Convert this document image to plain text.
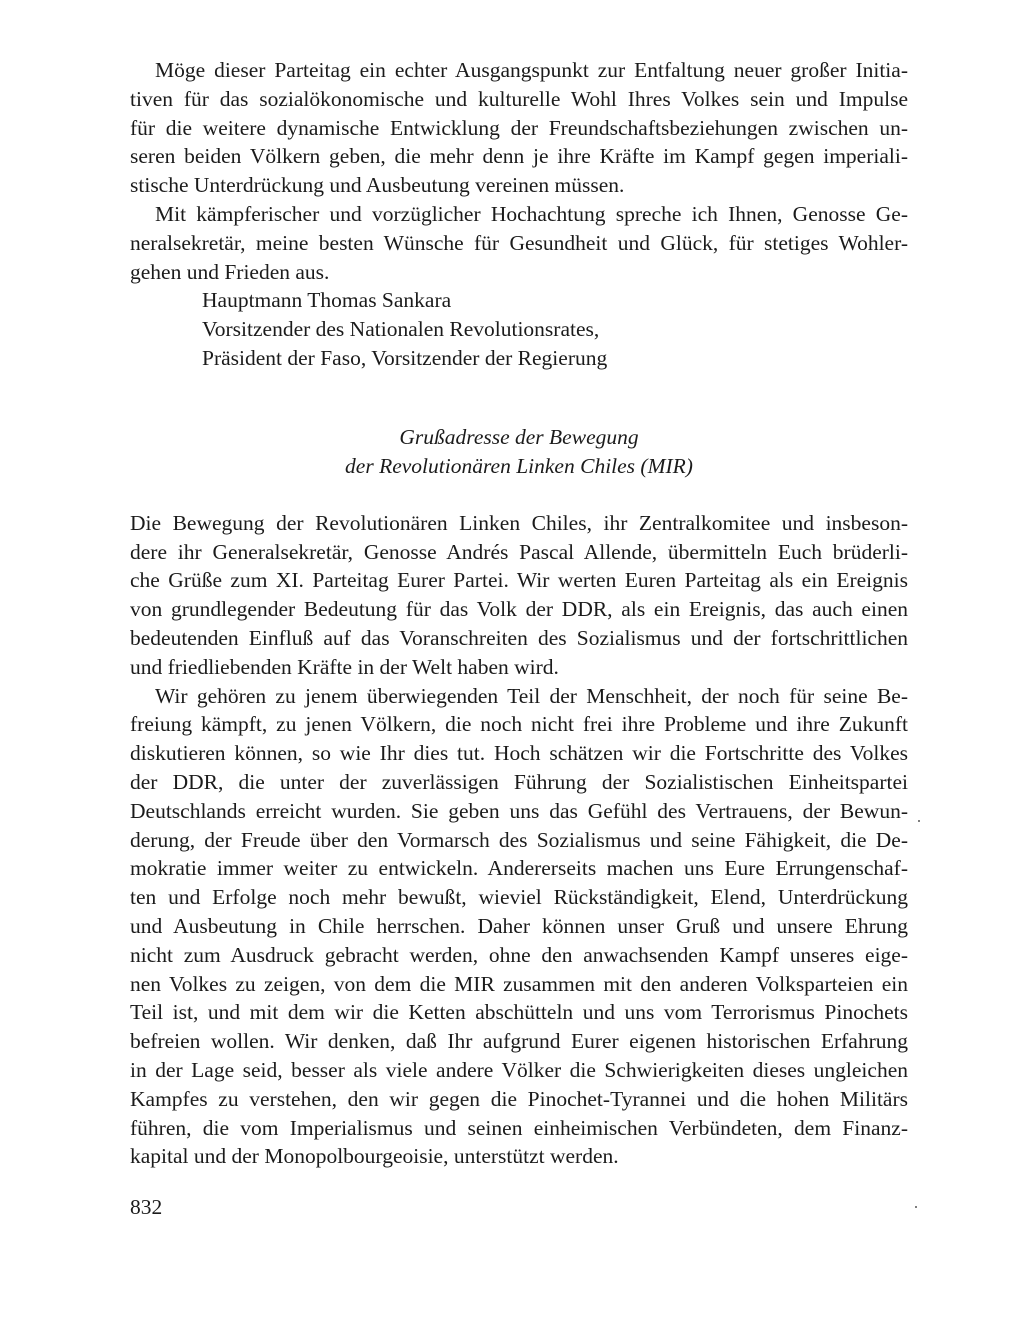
Möge dieser Parteitag ein echter Ausgangspunkt zur Entfaltung neuer großer Initia-
tiven für das sozialökonomische und kulturelle Wohl Ihres Volkes sein und Impulse
für die weitere dynamische Entwicklung der Freundschaftsbeziehungen zwischen un-
seren beiden Völkern geben, die mehr denn je ihre Kräfte im Kampf gegen imperiali-
stische Unterdrückung und Ausbeutung vereinen müssen.
Mit kämpferischer und vorzüglicher Hochachtung spreche ich Ihnen, Genosse Ge-
neralsekretär, meine besten Wünsche für Gesundheit und Glück, für stetiges Wohler-
gehen und Frieden aus.
Hauptmann Thomas Sankara
Vorsitzender des Nationalen Revolutionsrates,
Präsident der Faso, Vorsitzender der Regierung
Grußadresse der Bewegung
der Revolutionären Linken Chiles (MIR)
Die Bewegung der Revolutionären Linken Chiles, ihr Zentralkomitee und insbeson-
dere ihr Generalsekretär, Genosse Andrés Pascal Allende, übermitteln Euch brüderli-
che Grüße zum XI. Parteitag Eurer Partei. Wir werten Euren Parteitag als ein Ereignis
von grundlegender Bedeutung für das Volk der DDR, als ein Ereignis, das auch einen
bedeutenden Einfluß auf das Voranschreiten des Sozialismus und der fortschrittlichen
und friedliebenden Kräfte in der Welt haben wird.
Wir gehören zu jenem überwiegenden Teil der Menschheit, der noch für seine Be-
freiung kämpft, zu jenen Völkern, die noch nicht frei ihre Probleme und ihre Zukunft
diskutieren können, so wie Ihr dies tut. Hoch schätzen wir die Fortschritte des Volkes
der DDR, die unter der zuverlässigen Führung der Sozialistischen Einheitspartei
Deutschlands erreicht wurden. Sie geben uns das Gefühl des Vertrauens, der Bewun-
derung, der Freude über den Vormarsch des Sozialismus und seine Fähigkeit, die De-
mokratie immer weiter zu entwickeln. Andererseits machen uns Eure Errungenschaf-
ten und Erfolge noch mehr bewußt, wieviel Rückständigkeit, Elend, Unterdrückung
und Ausbeutung in Chile herrschen. Daher können unser Gruß und unsere Ehrung
nicht zum Ausdruck gebracht werden, ohne den anwachsenden Kampf unseres eige-
nen Volkes zu zeigen, von dem die MIR zusammen mit den anderen Volksparteien ein
Teil ist, und mit dem wir die Ketten abschütteln und uns vom Terrorismus Pinochets
befreien wollen. Wir denken, daß Ihr aufgrund Eurer eigenen historischen Erfahrung
in der Lage seid, besser als viele andere Völker die Schwierigkeiten dieses ungleichen
Kampfes zu verstehen, den wir gegen die Pinochet-Tyrannei und die hohen Militärs
führen, die vom Imperialismus und seinen einheimischen Verbündeten, dem Finanz-
kapital und der Monopolbourgeoisie, unterstützt werden.
832
